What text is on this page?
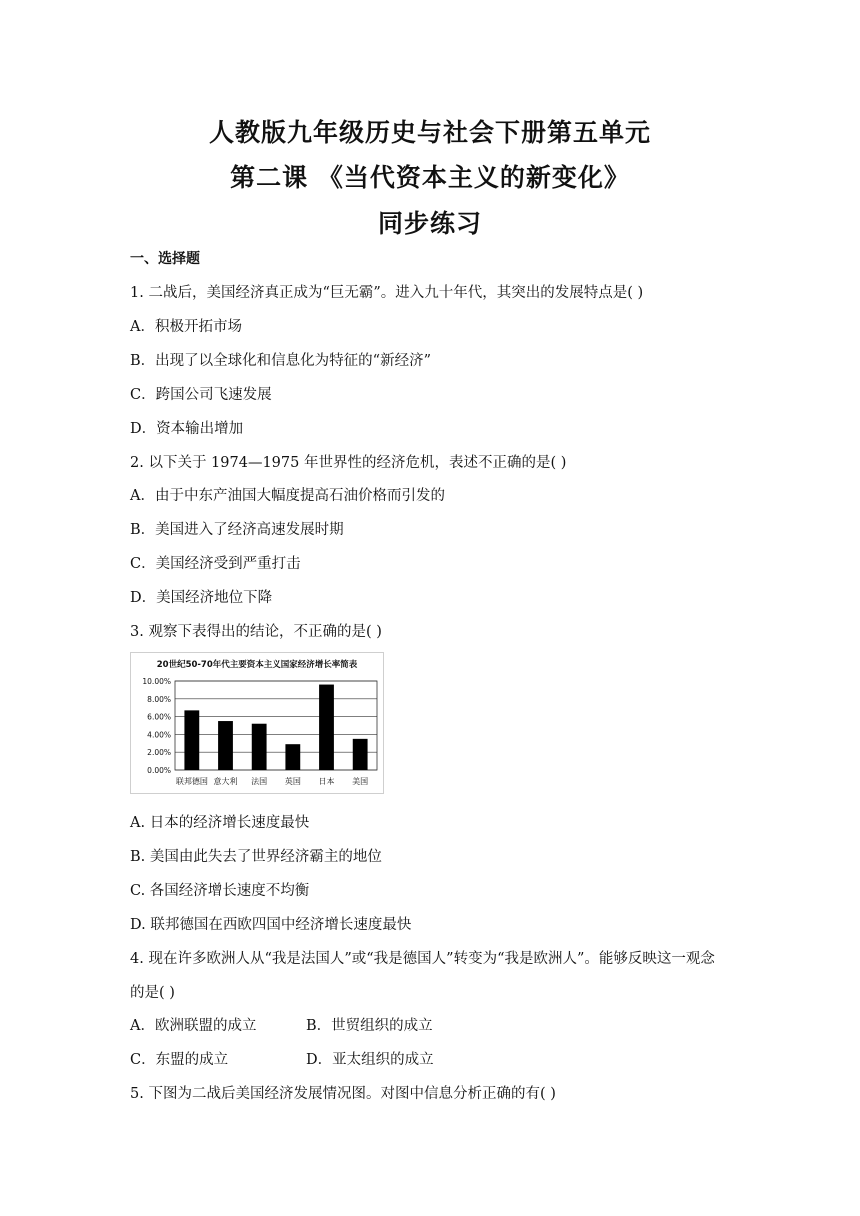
人教版九年级历史与社会下册第五单元
第二课 《当代资本主义的新变化》
同步练习
一、选择题
1. 二战后，美国经济真正成为“巨无霸”。进入九十年代，其突出的发展特点是( )
A．积极开拓市场
B．出现了以全球化和信息化为特征的“新经济”
C．跨国公司飞速发展
D．资本输出增加
2. 以下关于 1974—1975 年世界性的经济危机，表述不正确的是( )
A．由于中东产油国大幅度提高石油价格而引发的
B．美国进入了经济高速发展时期
C．美国经济受到严重打击
D．美国经济地位下降
3. 观察下表得出的结论，不正确的是( )
20世纪50-70年代主要资本主义国家经济增长率简表
0.00%
2.00%
4.00%
6.00%
8.00%
10.00%
联邦德国 意大利 法国 英国 日本 美国
A. 日本的经济增长速度最快
B. 美国由此失去了世界经济霸主的地位
C. 各国经济增长速度不均衡
D. 联邦德国在西欧四国中经济增长速度最快
4. 现在许多欧洲人从“我是法国人”或“我是德国人”转变为“我是欧洲人”。能够反映这一观念
的是( )
A．欧洲联盟的成立	B．世贸组织的成立
C．东盟的成立	D．亚太组织的成立
5. 下图为二战后美国经济发展情况图。对图中信息分析正确的有( )
